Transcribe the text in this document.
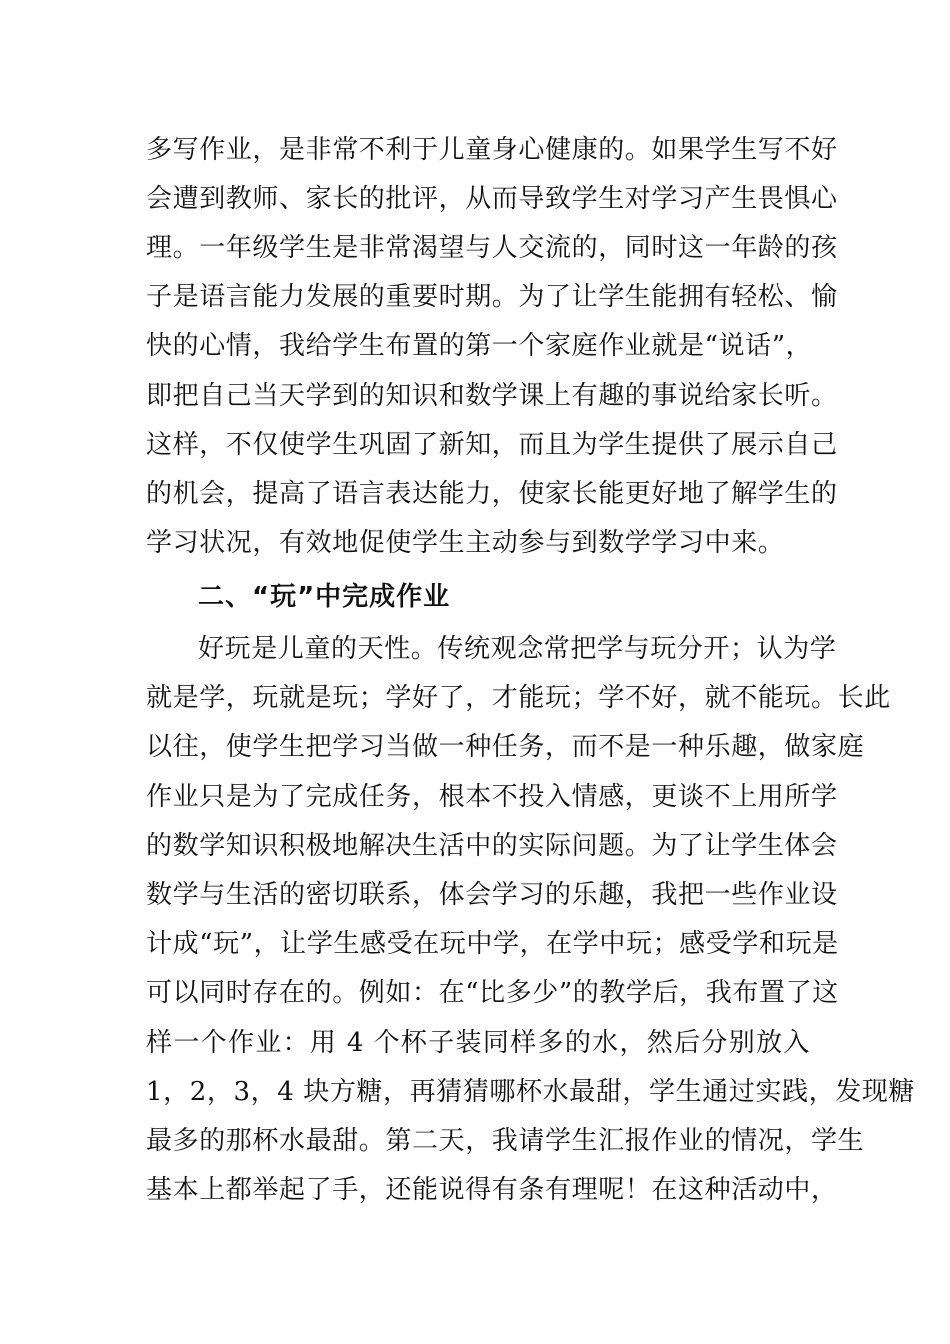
多写作业，是非常不利于儿童身心健康的。如果学生写不好
会遭到教师、家长的批评，从而导致学生对学习产生畏惧心
理。一年级学生是非常渴望与人交流的，同时这一年龄的孩
子是语言能力发展的重要时期。为了让学生能拥有轻松、愉
快的心情，我给学生布置的第一个家庭作业就是“说话”，
即把自己当天学到的知识和数学课上有趣的事说给家长听。
这样，不仅使学生巩固了新知，而且为学生提供了展示自己
的机会，提高了语言表达能力，使家长能更好地了解学生的
学习状况，有效地促使学生主动参与到数学学习中来。
二、“玩”中完成作业
好玩是儿童的天性。传统观念常把学与玩分开；认为学
就是学，玩就是玩；学好了，才能玩；学不好，就不能玩。长此
以往，使学生把学习当做一种任务，而不是一种乐趣，做家庭
作业只是为了完成任务，根本不投入情感，更谈不上用所学
的数学知识积极地解决生活中的实际问题。为了让学生体会
数学与生活的密切联系，体会学习的乐趣，我把一些作业设
计成“玩”，让学生感受在玩中学，在学中玩；感受学和玩是
可以同时存在的。例如：在“比多少”的教学后，我布置了这
样一个作业：用 4 个杯子装同样多的水，然后分别放入
1，2，3，4 块方糖，再猜猜哪杯水最甜，学生通过实践，发现糖
最多的那杯水最甜。第二天，我请学生汇报作业的情况，学生
基本上都举起了手，还能说得有条有理呢！在这种活动中，
